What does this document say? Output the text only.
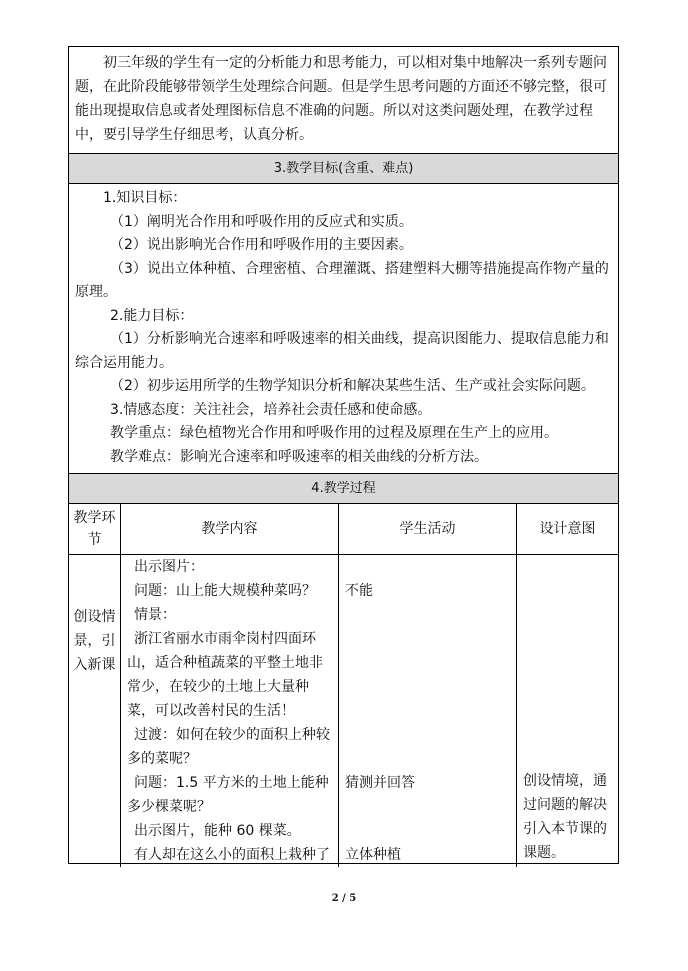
初三年级的学生有一定的分析能力和思考能力，可以相对集中地解决一系列专题问题，在此阶段能够带领学生处理综合问题。但是学生思考问题的方面还不够完整，很可能出现提取信息或者处理图标信息不准确的问题。所以对这类问题处理，在教学过程中，要引导学生仔细思考，认真分析。

3.教学目标(含重、难点)

1.知识目标：

（1）阐明光合作用和呼吸作用的反应式和实质。

（2）说出影响光合作用和呼吸作用的主要因素。

（3）说出立体种植、合理密植、合理灌溉、搭建塑料大棚等措施提高作物产量的原理。

2.能力目标：

（1）分析影响光合速率和呼吸速率的相关曲线，提高识图能力、提取信息能力和综合运用能力。

（2）初步运用所学的生物学知识分析和解决某些生活、生产或社会实际问题。

3.情感态度：关注社会，培养社会责任感和使命感。

教学重点：绿色植物光合作用和呼吸作用的过程及原理在生产上的应用。

教学难点：影响光合速率和呼吸速率的相关曲线的分析方法。

4.教学过程
教学环节
教学内容	学生活动	设计意图
创设情景，引入新课

出示图片：

问题：山上能大规模种菜吗？

情景：

浙江省丽水市雨伞岗村四面环山，适合种植蔬菜的平整土地非常少，在较少的土地上大量种菜，可以改善村民的生活！

过渡：如何在较少的面积上种较多的菜呢？

问题：1.5 平方米的土地上能种多少棵菜呢？

出示图片，能种 60 棵菜。

有人却在这么小的面积上栽种了

不能

猜测并回答

立体种植

创设情境，通过问题的解决引入本节课的课题。

2 / 5
